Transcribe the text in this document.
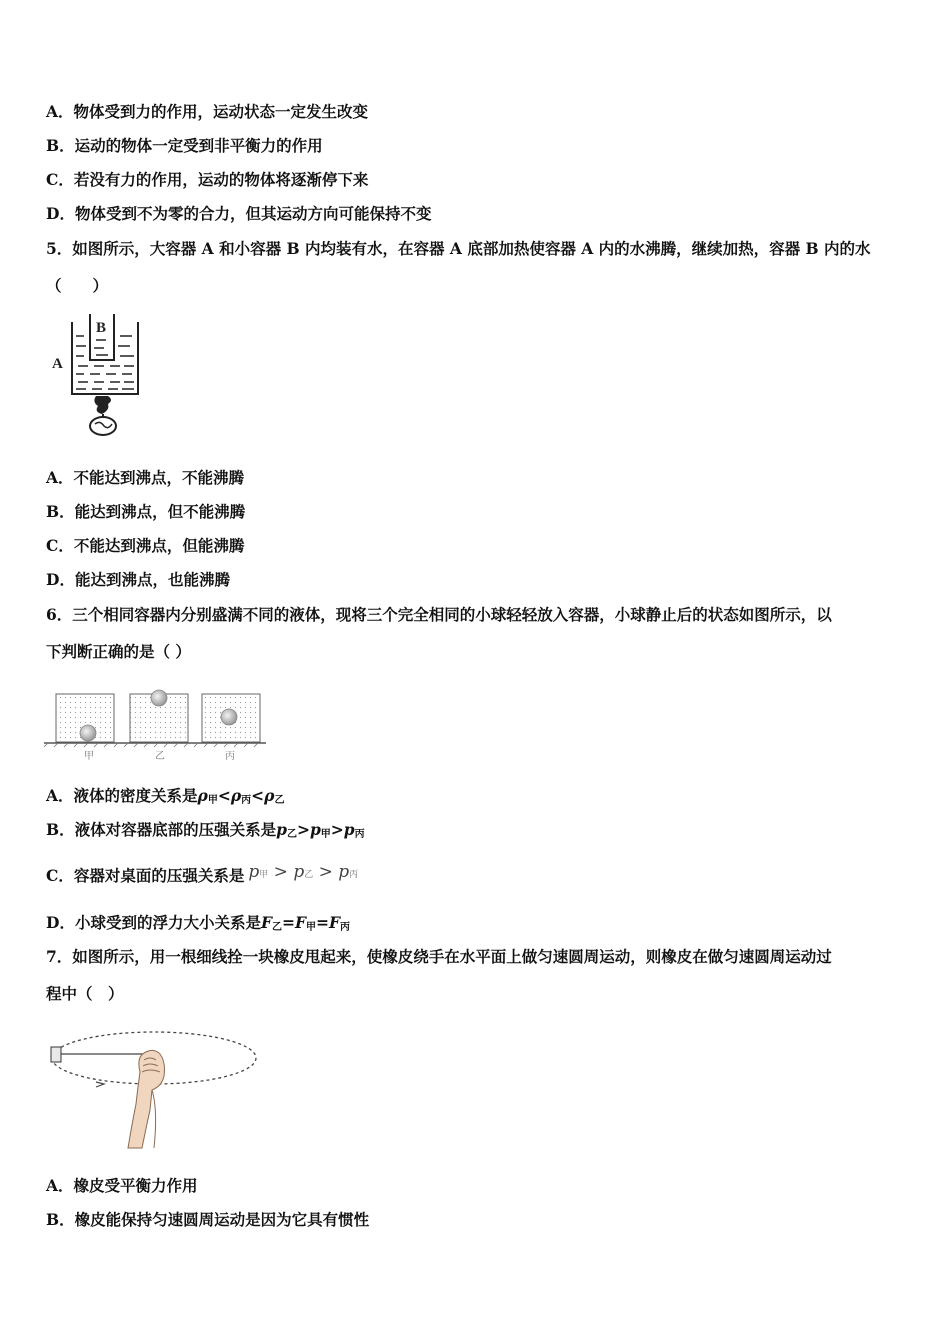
A．物体受到力的作用，运动状态一定发生改变
B．运动的物体一定受到非平衡力的作用
C．若没有力的作用，运动的物体将逐渐停下来
D．物体受到不为零的合力，但其运动方向可能保持不变
5．如图所示，大容器 A 和小容器 B 内均装有水，在容器 A 底部加热使容器 A 内的水沸腾，继续加热，容器 B 内的水
（　　）
A
B
A．不能达到沸点，不能沸腾
B．能达到沸点，但不能沸腾
C．不能达到沸点，但能沸腾
D．能达到沸点，也能沸腾
6．三个相同容器内分别盛满不同的液体，现将三个完全相同的小球轻轻放入容器，小球静止后的状态如图所示，以
下判断正确的是（ ）
甲	乙	丙
A．液体的密度关系是ρ甲<ρ丙<ρ乙
B．液体对容器底部的压强关系是p乙>p甲>p丙
C．容器对桌面的压强关系是 p甲 > p乙 > p丙
D．小球受到的浮力大小关系是F乙=F甲=F丙
7．如图所示，用一根细线拴一块橡皮甩起来，使橡皮绕手在水平面上做匀速圆周运动，则橡皮在做匀速圆周运动过
程中（　）
A．橡皮受平衡力作用
B．橡皮能保持匀速圆周运动是因为它具有惯性
